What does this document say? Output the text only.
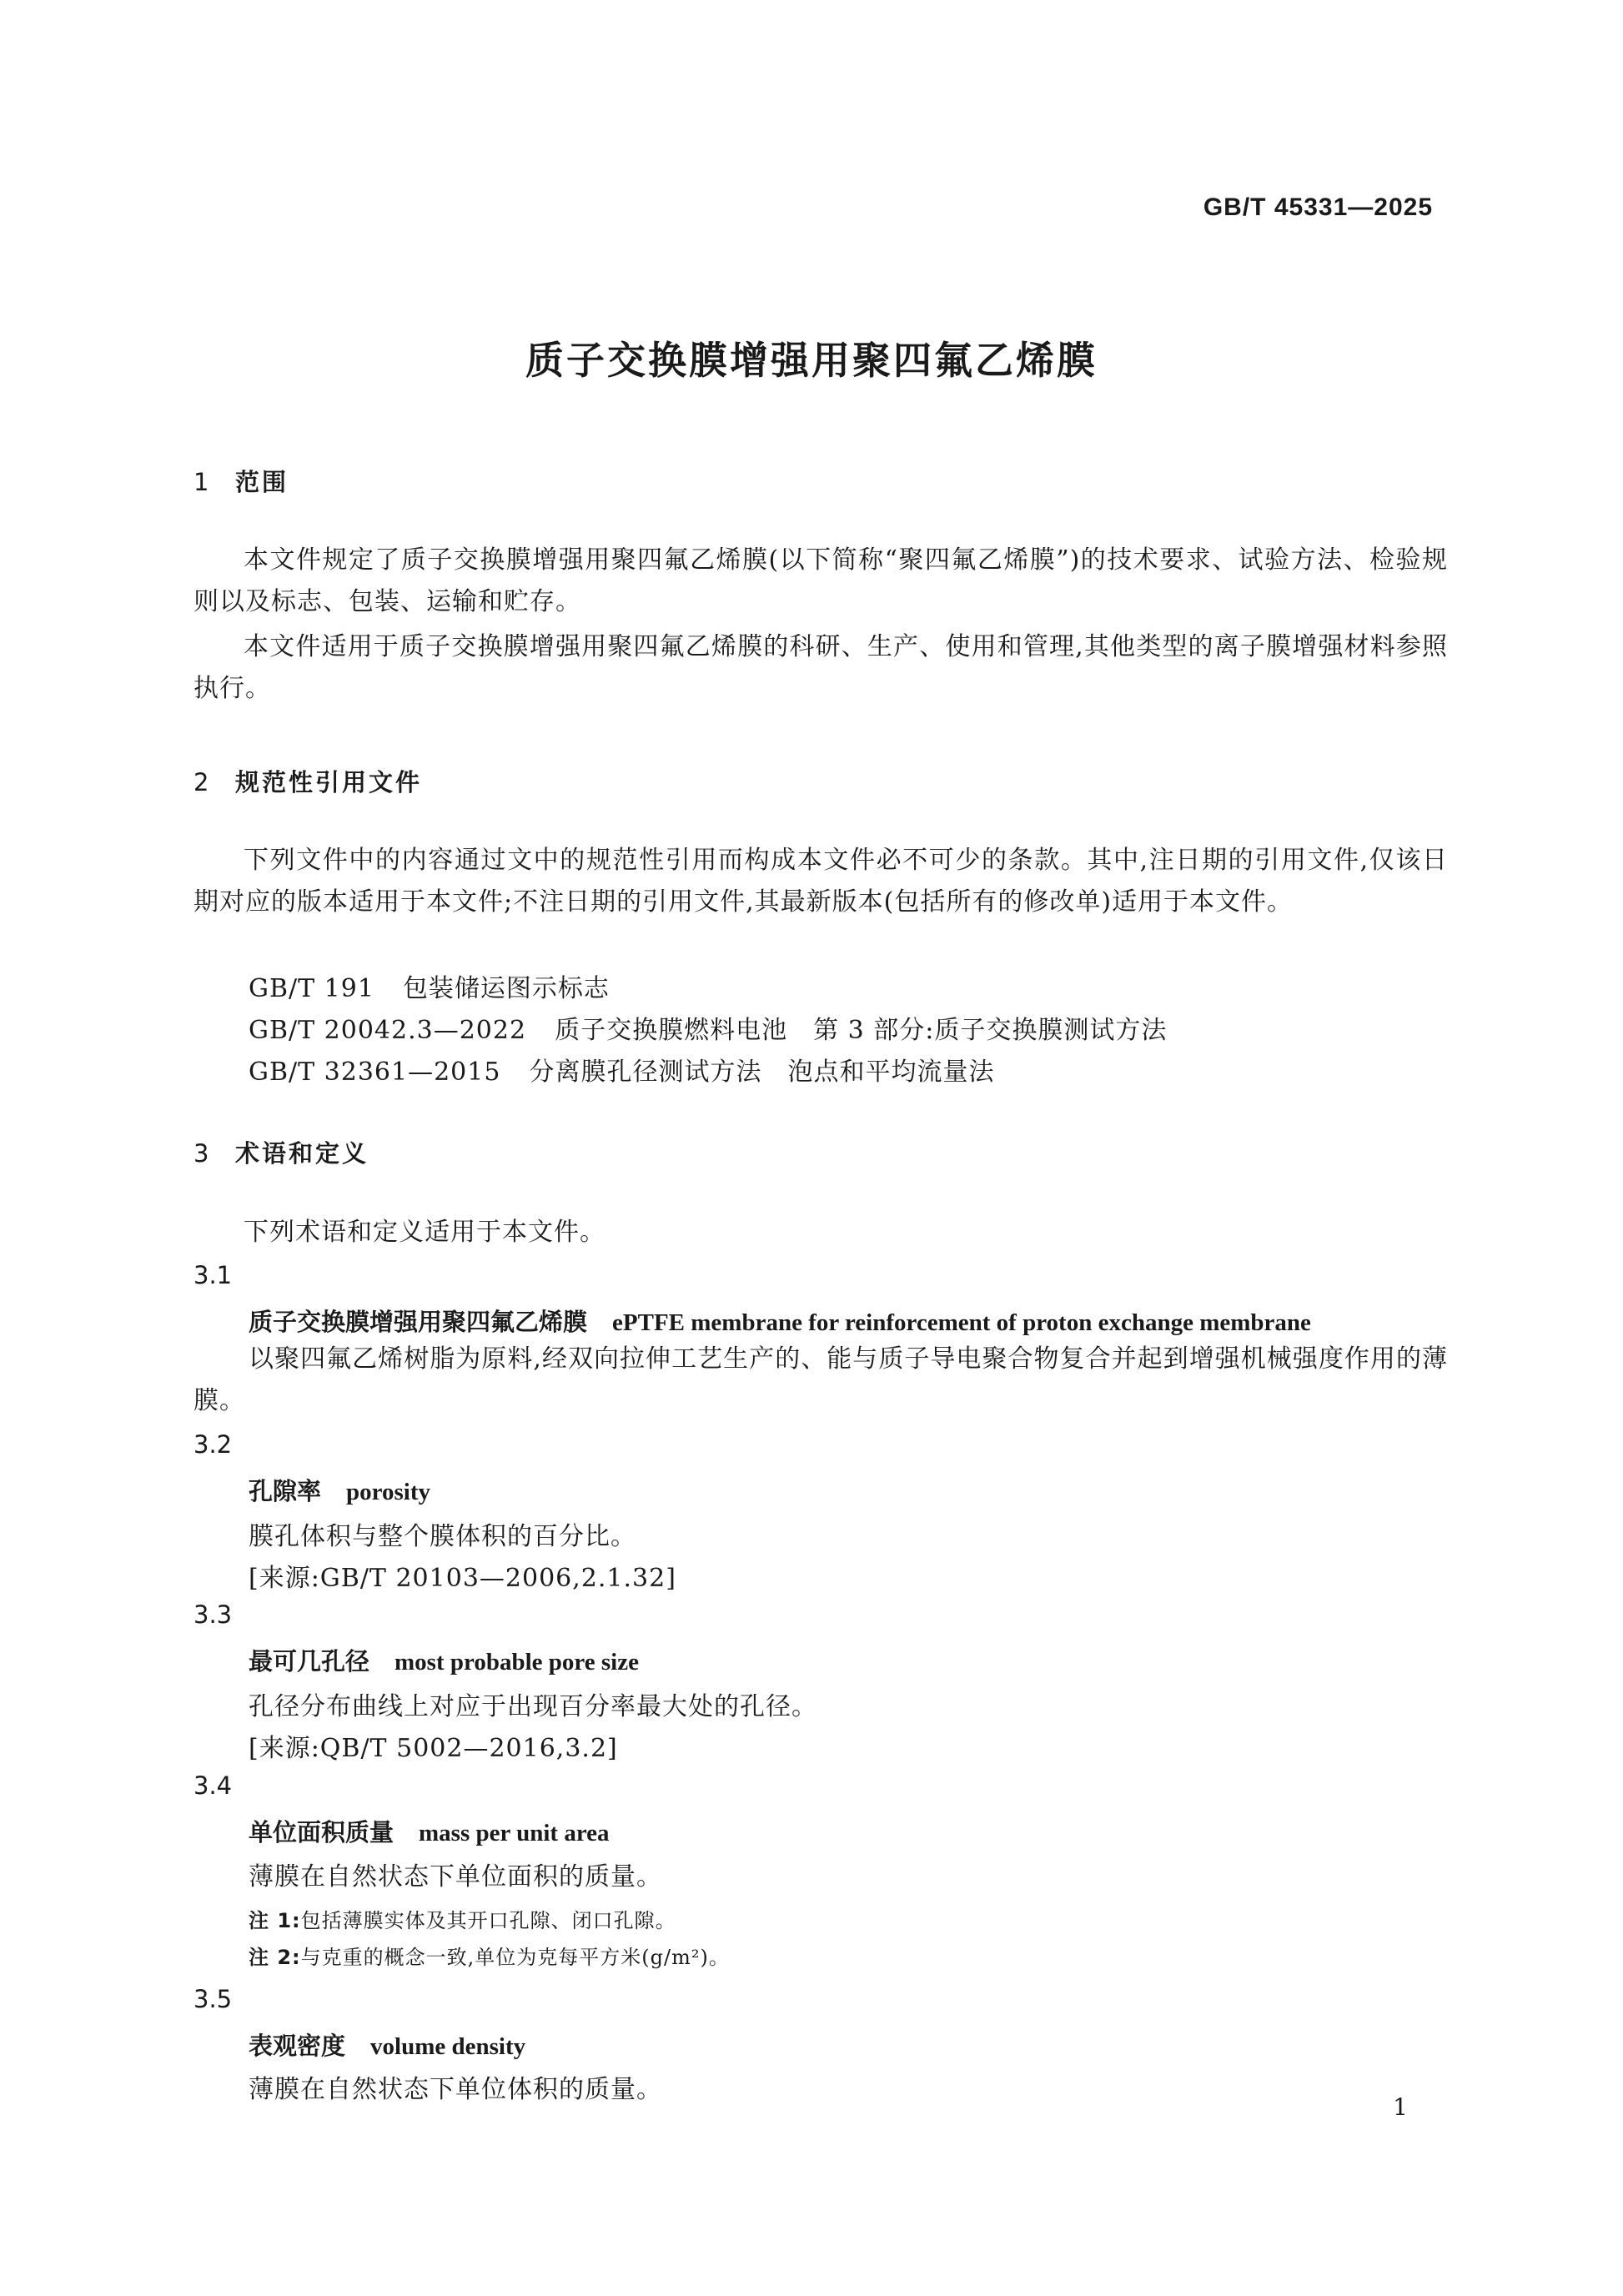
GB/T 45331—2025
质子交换膜增强用聚四氟乙烯膜
1 范围
本文件规定了质子交换膜增强用聚四氟乙烯膜(以下简称“聚四氟乙烯膜”)的技术要求、试验方法、检验规则以及标志、包装、运输和贮存。
本文件适用于质子交换膜增强用聚四氟乙烯膜的科研、生产、使用和管理,其他类型的离子膜增强材料参照执行。
2 规范性引用文件
下列文件中的内容通过文中的规范性引用而构成本文件必不可少的条款。其中,注日期的引用文件,仅该日期对应的版本适用于本文件;不注日期的引用文件,其最新版本(包括所有的修改单)适用于本文件。
GB/T 191 包装储运图示标志
GB/T 20042.3—2022 质子交换膜燃料电池　第 3 部分:质子交换膜测试方法
GB/T 32361—2015 分离膜孔径测试方法　泡点和平均流量法
3 术语和定义
下列术语和定义适用于本文件。
3.1
质子交换膜增强用聚四氟乙烯膜 ePTFE membrane for reinforcement of proton exchange membrane
以聚四氟乙烯树脂为原料,经双向拉伸工艺生产的、能与质子导电聚合物复合并起到增强机械强度作用的薄膜。
3.2
孔隙率 porosity
膜孔体积与整个膜体积的百分比。
[来源:GB/T 20103—2006,2.1.32]
3.3
最可几孔径 most probable pore size
孔径分布曲线上对应于出现百分率最大处的孔径。
[来源:QB/T 5002—2016,3.2]
3.4
单位面积质量 mass per unit area
薄膜在自然状态下单位面积的质量。
注 1:包括薄膜实体及其开口孔隙、闭口孔隙。
注 2:与克重的概念一致,单位为克每平方米(g/m²)。
3.5
表观密度 volume density
薄膜在自然状态下单位体积的质量。
1
